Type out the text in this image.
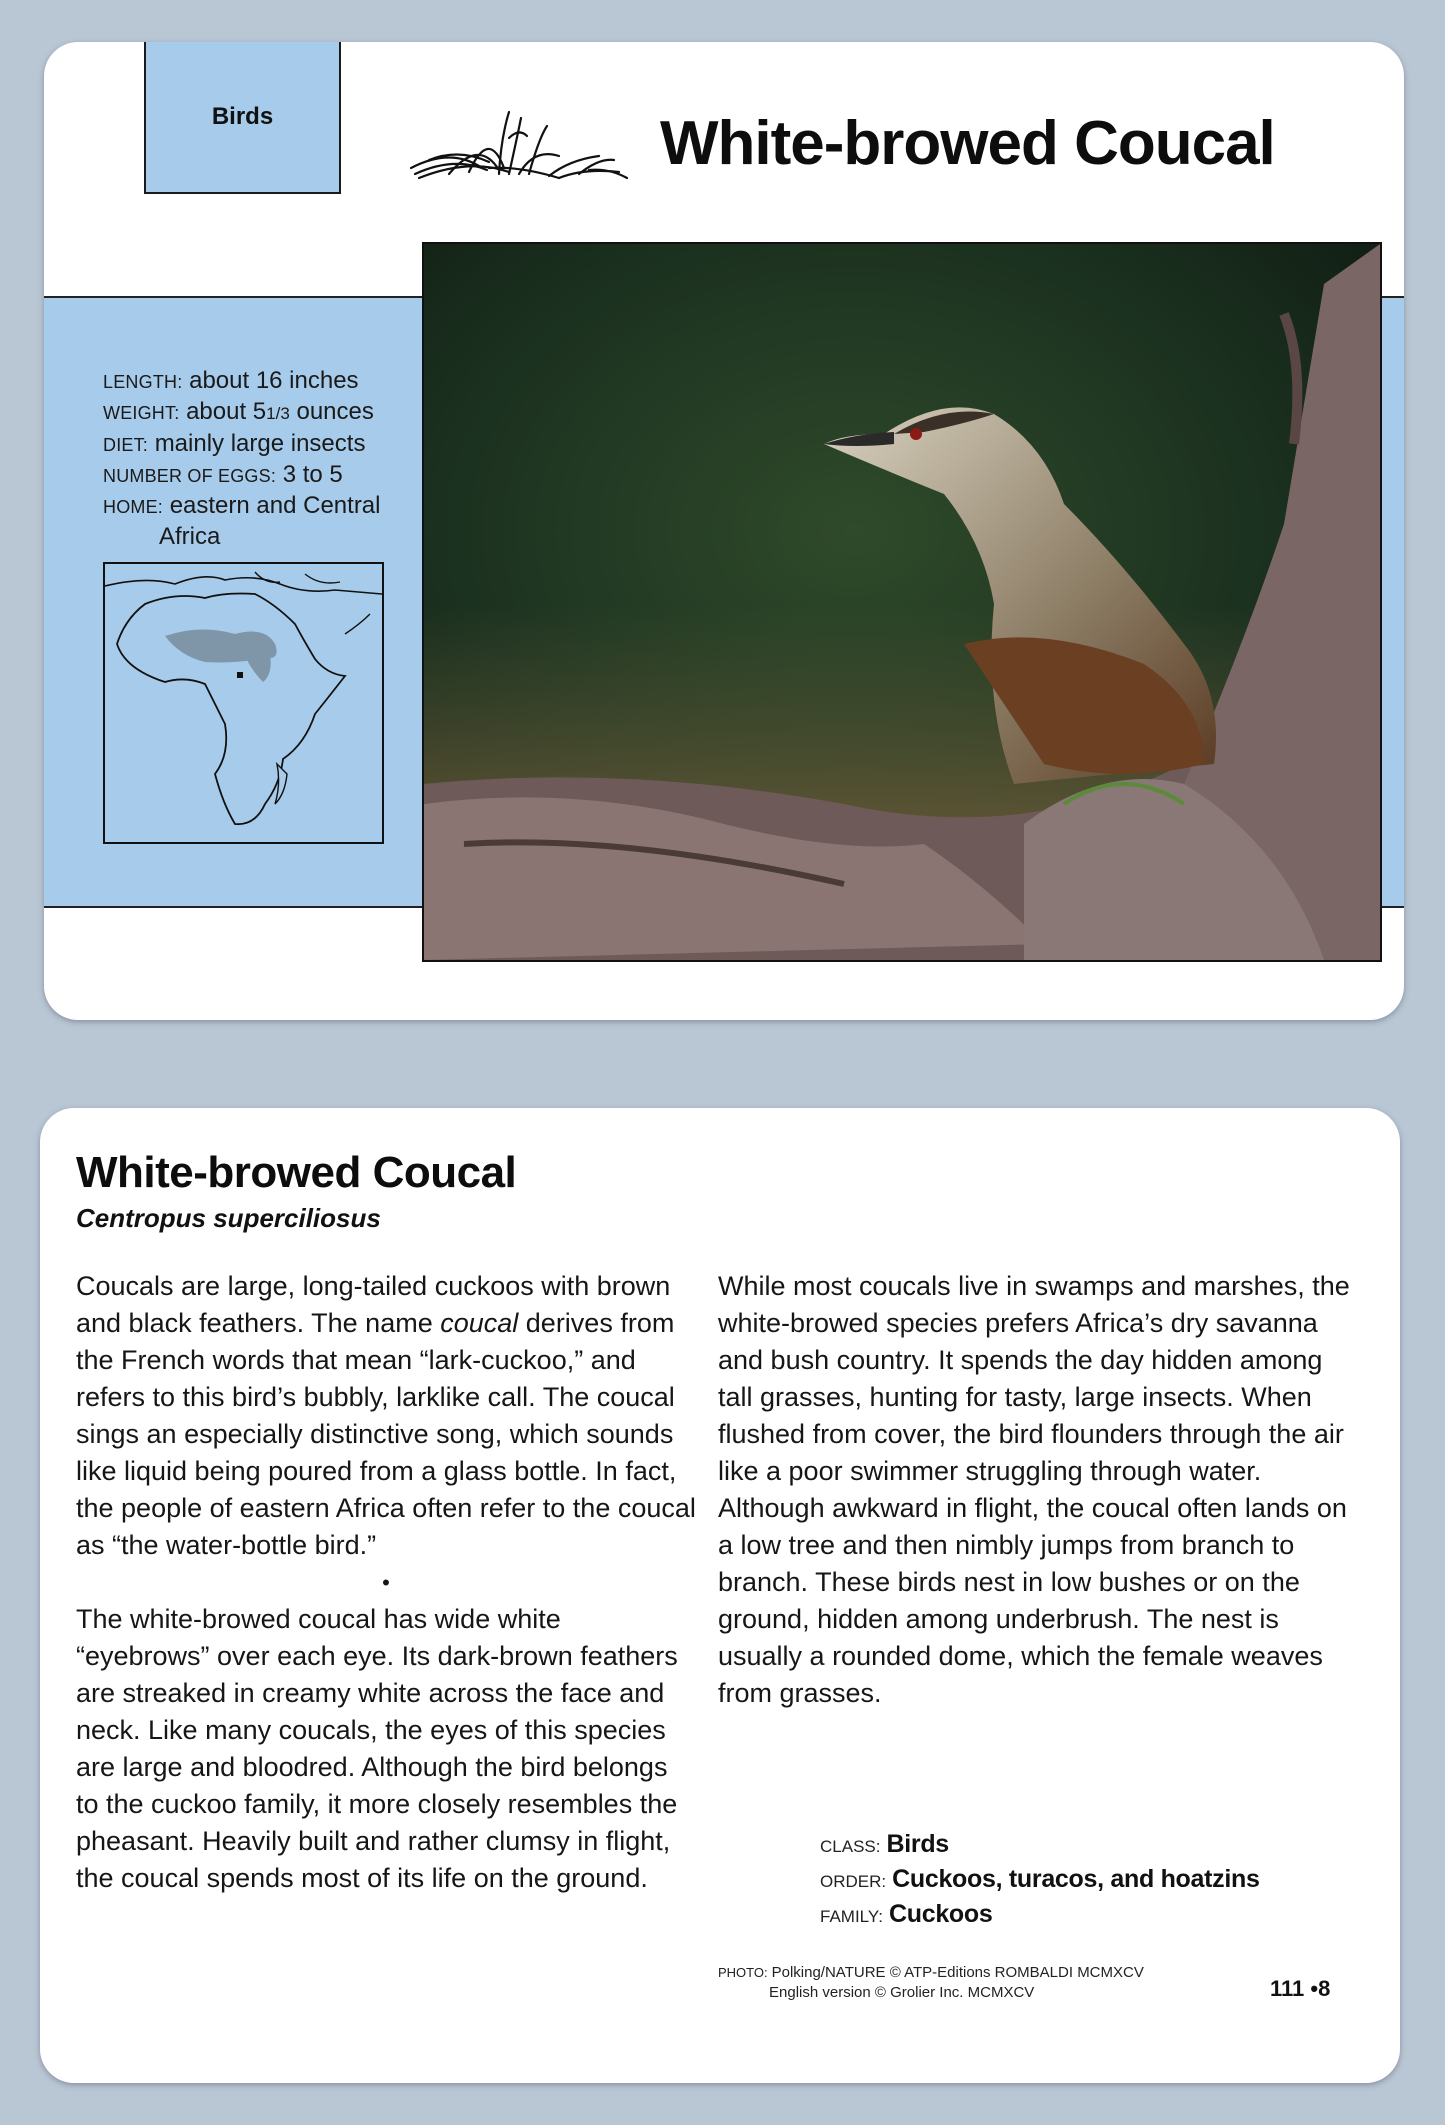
Birds	White-browed Coucal
LENGTH: about 16 inches
WEIGHT: about 51/3 ounces
DIET: mainly large insects
NUMBER OF EGGS: 3 to 5
HOME: eastern and Central
Africa
White-browed Coucal
Centropus superciliosus

Coucals are large, long-tailed cuckoos with brown and black feathers. The name coucal derives from the French words that mean “lark-cuckoo,” and refers to this bird’s bubbly, larklike call. The coucal sings an especially distinctive song, which sounds like liquid being poured from a glass bottle. In fact, the people of eastern Africa often refer to the coucal as “the water-bottle bird.”

•

The white-browed coucal has wide white “eyebrows” over each eye. Its dark-brown feathers are streaked in creamy white across the face and neck. Like many coucals, the eyes of this species are large and bloodred. Although the bird belongs to the cuckoo family, it more closely resembles the pheasant. Heavily built and rather clumsy in flight, the coucal spends most of its life on the ground.

While most coucals live in swamps and marshes, the white-browed species prefers Africa’s dry savanna and bush country. It spends the day hidden among tall grasses, hunting for tasty, large insects. When flushed from cover, the bird flounders through the air like a poor swimmer struggling through water. Although awkward in flight, the coucal often lands on a low tree and then nimbly jumps from branch to branch. These birds nest in low bushes or on the ground, hidden among underbrush. The nest is usually a rounded dome, which the female weaves from grasses.

CLASS: Birds
ORDER: Cuckoos, turacos, and hoatzins
FAMILY: Cuckoos
PHOTO: Polking/NATURE © ATP-Editions ROMBALDI MCMXCV
English version © Grolier Inc. MCMXCV	111 •8
